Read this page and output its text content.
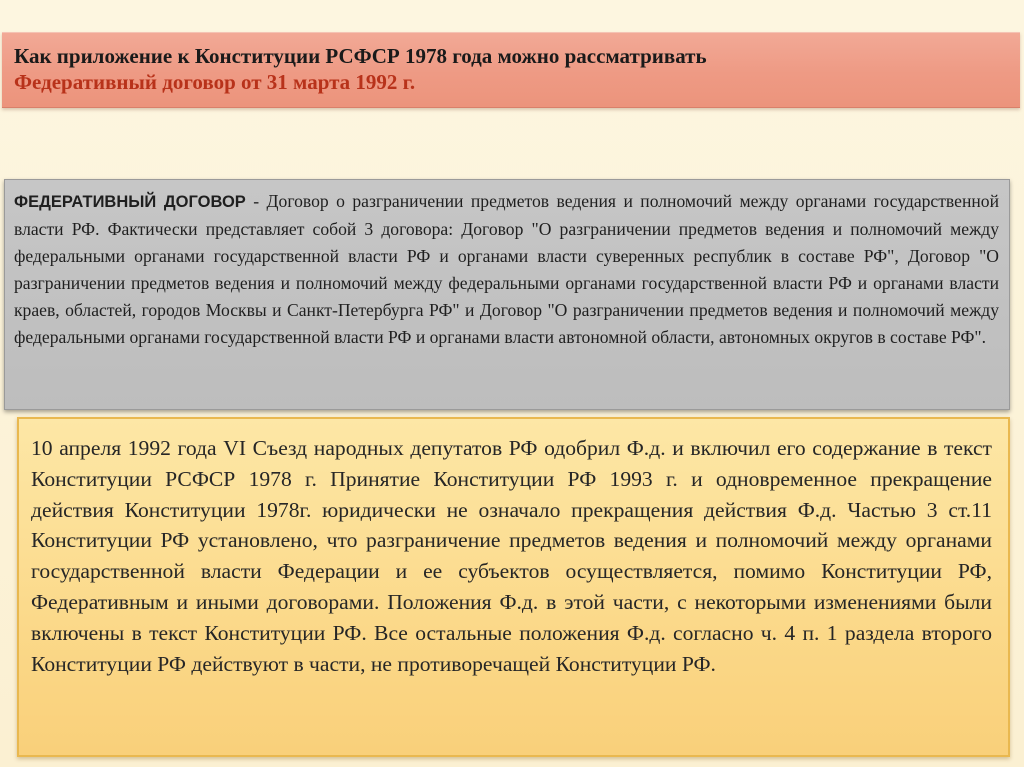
Как приложение к Конституции РСФСР 1978 года можно рассматривать
Федеративный договор от 31 марта 1992 г.

ФЕДЕРАТИВНЫЙ ДОГОВОР - Договор о разграничении предметов ведения и полномочий между органами государственной власти РФ. Фактически представляет собой 3 договора: Договор "О разграничении предметов ведения и полномочий между федеральными органами государственной власти РФ и органами власти суверенных республик в составе РФ", Договор "О разграничении предметов ведения и полномочий между федеральными органами государственной власти РФ и органами власти краев, областей, городов Москвы и Санкт-Петербурга РФ" и Договор "О разграничении предметов ведения и полномочий между федеральными органами государственной власти РФ и органами власти автономной области, автономных округов в составе РФ".

10 апреля 1992 года VI Съезд народных депутатов РФ одобрил Ф.д. и включил его содержание в текст Конституции РСФСР 1978 г. Принятие Конституции РФ 1993 г. и одновременное прекращение действия Конституции 1978г. юридически не означало прекращения действия Ф.д. Частью 3 ст.11 Конституции РФ установлено, что разграничение предметов ведения и полномочий между органами государственной власти Федерации и ее субъектов осуществляется, помимо Конституции РФ, Федеративным и иными договорами. Положения Ф.д. в этой части, с некоторыми изменениями были включены в текст Конституции РФ. Все остальные положения Ф.д. согласно ч. 4 п. 1 раздела второго Конституции РФ действуют в части, не противоречащей Конституции РФ.
